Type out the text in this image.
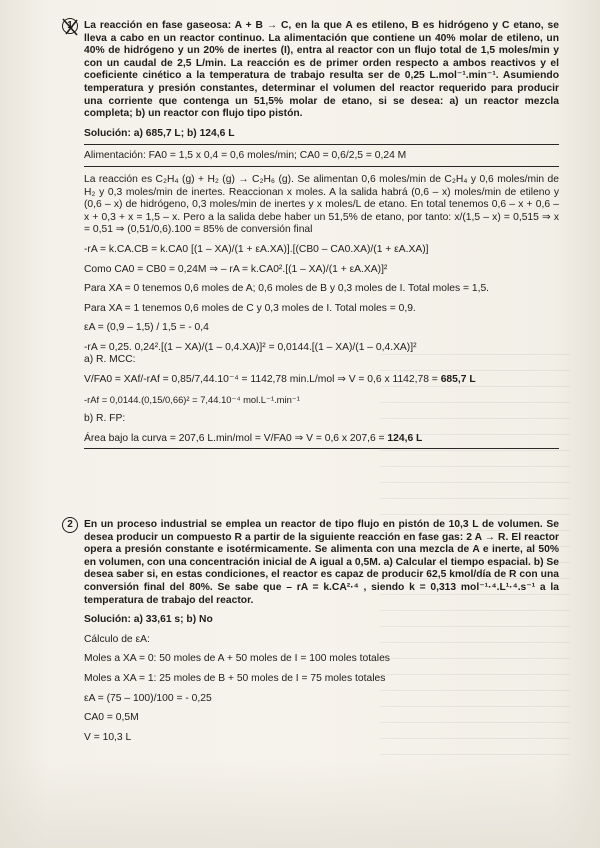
1	La reacción en fase gaseosa: A + B → C, en la que A es etileno, B es hidrógeno y C etano, se lleva a cabo en un reactor continuo. La alimentación que contiene un 40% molar de etileno, un 40% de hidrógeno y un 20% de inertes (I), entra al reactor con un flujo total de 1,5 moles/min y con un caudal de 2,5 L/min. La reacción es de primer orden respecto a ambos reactivos y el coeficiente cinético a la temperatura de trabajo resulta ser de 0,25 L.mol⁻¹.min⁻¹. Asumiendo temperatura y presión constantes, determinar el volumen del reactor requerido para producir una corriente que contenga un 51,5% molar de etano, si se desea: a) un reactor mezcla completa; b) un reactor con flujo tipo pistón.

Solución: a) 685,7 L; b) 124,6 L

Alimentación: FA0 = 1,5 x 0,4 = 0,6 moles/min; CA0 = 0,6/2,5 = 0,24 M

La reacción es C₂H₄ (g) + H₂ (g) → C₂H₆ (g). Se alimentan 0,6 moles/min de C₂H₄ y 0,6 moles/min de H₂ y 0,3 moles/min de inertes. Reaccionan x moles. A la salida habrá (0,6 – x) moles/min de etileno y (0,6 – x) de hidrógeno, 0,3 moles/min de inertes y x moles/L de etano. En total tenemos 0,6 – x + 0,6 – x + 0,3 + x = 1,5 – x. Pero a la salida debe haber un 51,5% de etano, por tanto: x/(1,5 – x) = 0,515 ⇒ x = 0,51 ⇒ (0,51/0,6).100 = 85% de conversión final

-rA = k.CA.CB = k.CA0 [(1 – XA)/(1 + εA.XA)].[(CB0 – CA0.XA)/(1 + εA.XA)]

Como CA0 = CB0 = 0,24M ⇒ – rA = k.CA0².[(1 – XA)/(1 + εA.XA)]²

Para XA = 0 tenemos 0,6 moles de A; 0,6 moles de B y 0,3 moles de I. Total moles = 1,5.

Para XA = 1 tenemos 0,6 moles de C y 0,3 moles de I. Total moles = 0,9.

εA = (0,9 – 1,5) / 1,5 = - 0,4

-rA = 0,25. 0,24².[(1 – XA)/(1 – 0,4.XA)]² = 0,0144.[(1 – XA)/(1 – 0,4.XA)]²

a) R. MCC:

V/FA0 = XAf/-rAf = 0,85/7,44.10⁻⁴ = 1142,78 min.L/mol ⇒ V = 0,6 x 1142,78 = 685,7 L

-rAf = 0,0144.(0,15/0,66)² = 7,44.10⁻⁴ mol.L⁻¹.min⁻¹

b) R. FP:

Área bajo la curva = 207,6 L.min/mol = V/FA0 ⇒ V = 0,6 x 207,6 = 124,6 L

2	En un proceso industrial se emplea un reactor de tipo flujo en pistón de 10,3 L de volumen. Se desea producir un compuesto R a partir de la siguiente reacción en fase gas: 2 A → R. El reactor opera a presión constante e isotérmicamente. Se alimenta con una mezcla de A e inerte, al 50% en volumen, con una concentración inicial de A igual a 0,5M. a) Calcular el tiempo espacial. b) Se desea saber si, en estas condiciones, el reactor es capaz de producir 62,5 kmol/día de R con una conversión final del 80%. Se sabe que – rA = k.CA²·⁴ , siendo k = 0,313 mol⁻¹·⁴.L¹·⁴.s⁻¹ a la temperatura de trabajo del reactor.

Solución: a) 33,61 s; b) No

Cálculo de εA:

Moles a XA = 0: 50 moles de A + 50 moles de I = 100 moles totales

Moles a XA = 1: 25 moles de B + 50 moles de I = 75 moles totales

εA = (75 – 100)/100 = - 0,25

CA0 = 0,5M

V = 10,3 L
